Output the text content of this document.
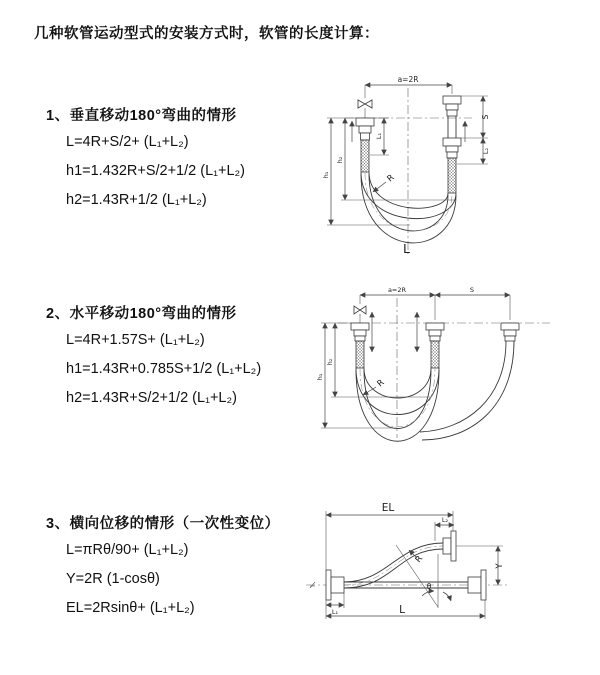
几种软管运动型式的安装方式时，软管的长度计算：
1、垂直移动180°弯曲的情形
L=4R+S/2+ (L₁+L₂)
h1=1.432R+S/2+1/2 (L₁+L₂)
h2=1.43R+1/2 (L₁+L₂)
2、水平移动180°弯曲的情形
L=4R+1.57S+ (L₁+L₂)
h1=1.43R+0.785S+1/2 (L₁+L₂)
h2=1.43R+S/2+1/2 (L₁+L₂)
3、横向位移的情形（一次性变位）
L=πRθ/90+ (L₁+L₂)
Y=2R (1-cosθ)
EL=2Rsinθ+ (L₁+L₂)
a=2R
L₁
S
L₂
h₂
h₁	R
L
a=2R	S
h₂
h₁
R
EL
L₂
Y
θ
R
L₁	L
